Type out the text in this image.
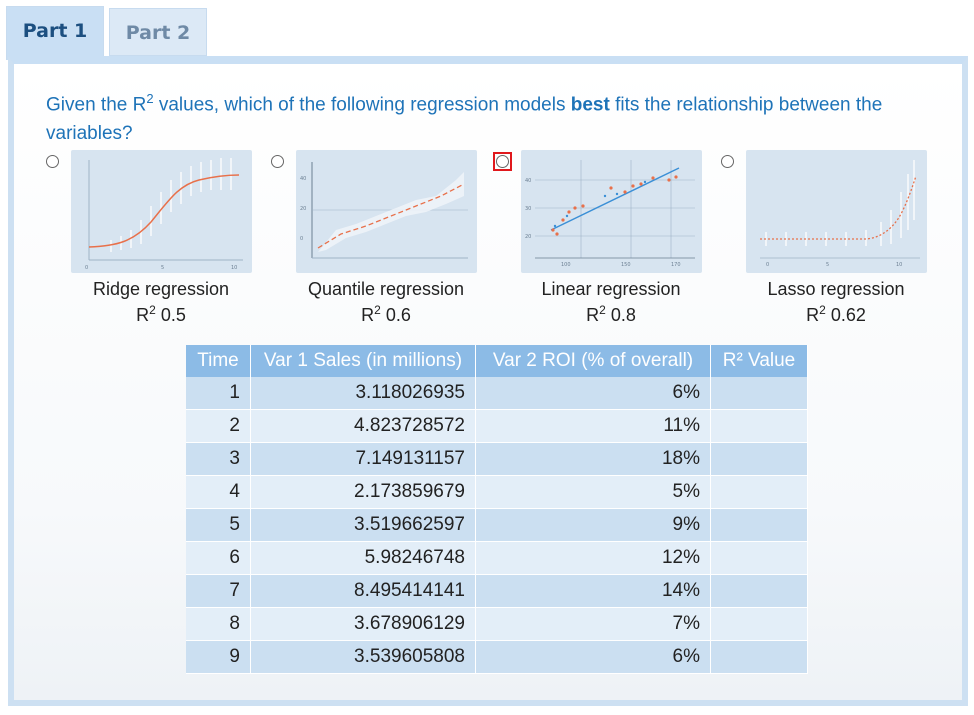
Part 1	Part 2
Given the $R^2$ values, which of the following regression models best fits the relationship between the variables?
0	5	10
Ridge regression
$R^2$ 0.5
40
20
0
Quantile regression
$R^2$ 0.6
40
30
20
100	150	170
Linear regression
$R^2$ 0.8
0	5	10
Lasso regression
$R^2$ 0.62
Time	Var 1 Sales (in millions)	Var 2 ROI (% of overall)	R² Value
1	3.118026935	6%	
2	4.823728572	11%	
3	7.149131157	18%	
4	2.173859679	5%	
5	3.519662597	9%	
6	5.98246748	12%	
7	8.495414141	14%	
8	3.678906129	7%	
9	3.539605808	6%	
